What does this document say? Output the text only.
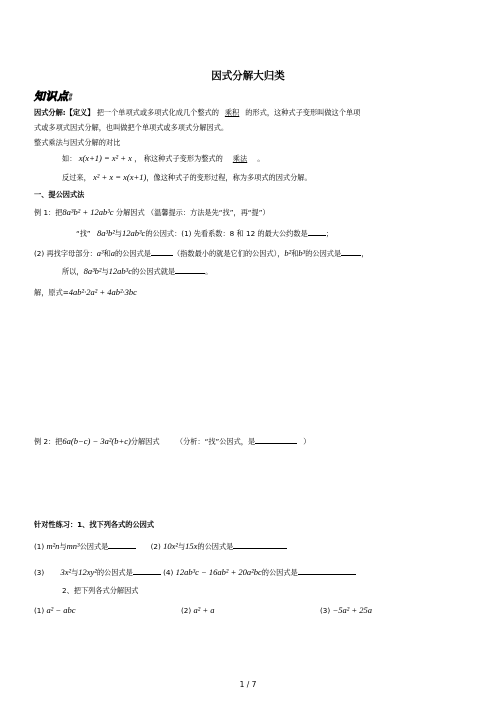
因式分解大归类
知识点:
因式分解:【定义】 把一个单项式或多项式化成几个整式的 乘积 的形式，这种式子变形叫做这个单项
式或多项式因式分解，也叫做把个单项式或多项式分解因式。
整式乘法与因式分解的对比
如： x(x+1) = x² + x ， 称这种式子变形为整式的 乘法 。
反过来， x² + x = x(x+1)，像这种式子的变形过程，称为多项式的因式分解。
一、提公因式法
例 1：把8a³b² + 12ab³c 分解因式 （温馨提示：方法是先“找”，再“提”）
“找” 8a³b²与12ab³c的公因式：(1) 先看系数：8 和 12 的最大公约数是	；
(2) 再找字母部分：a³和a的公因式是	（指数最小的就是它们的公因式），b²和b³的公因式是	，
所以，8a³b²与12ab³c的公因式就是	。
解，原式=4ab²·2a² + 4ab²·3bc
例 2：把6a(b−c) − 3a²(b+c)分解因式 （分析：“找”公因式，是	）
针对性练习：1、找下列各式的公因式
(1) m²n与mn³公因式是	(2) 10x²与15x的公因式是
(3) 3x²与12xy²的公因式是	(4) 12ab³c − 16ab² + 20a²bc的公因式是
2、把下列各式分解因式
(1) a² − abc	(2) a² + a	(3) −5a² + 25a
1 / 7
